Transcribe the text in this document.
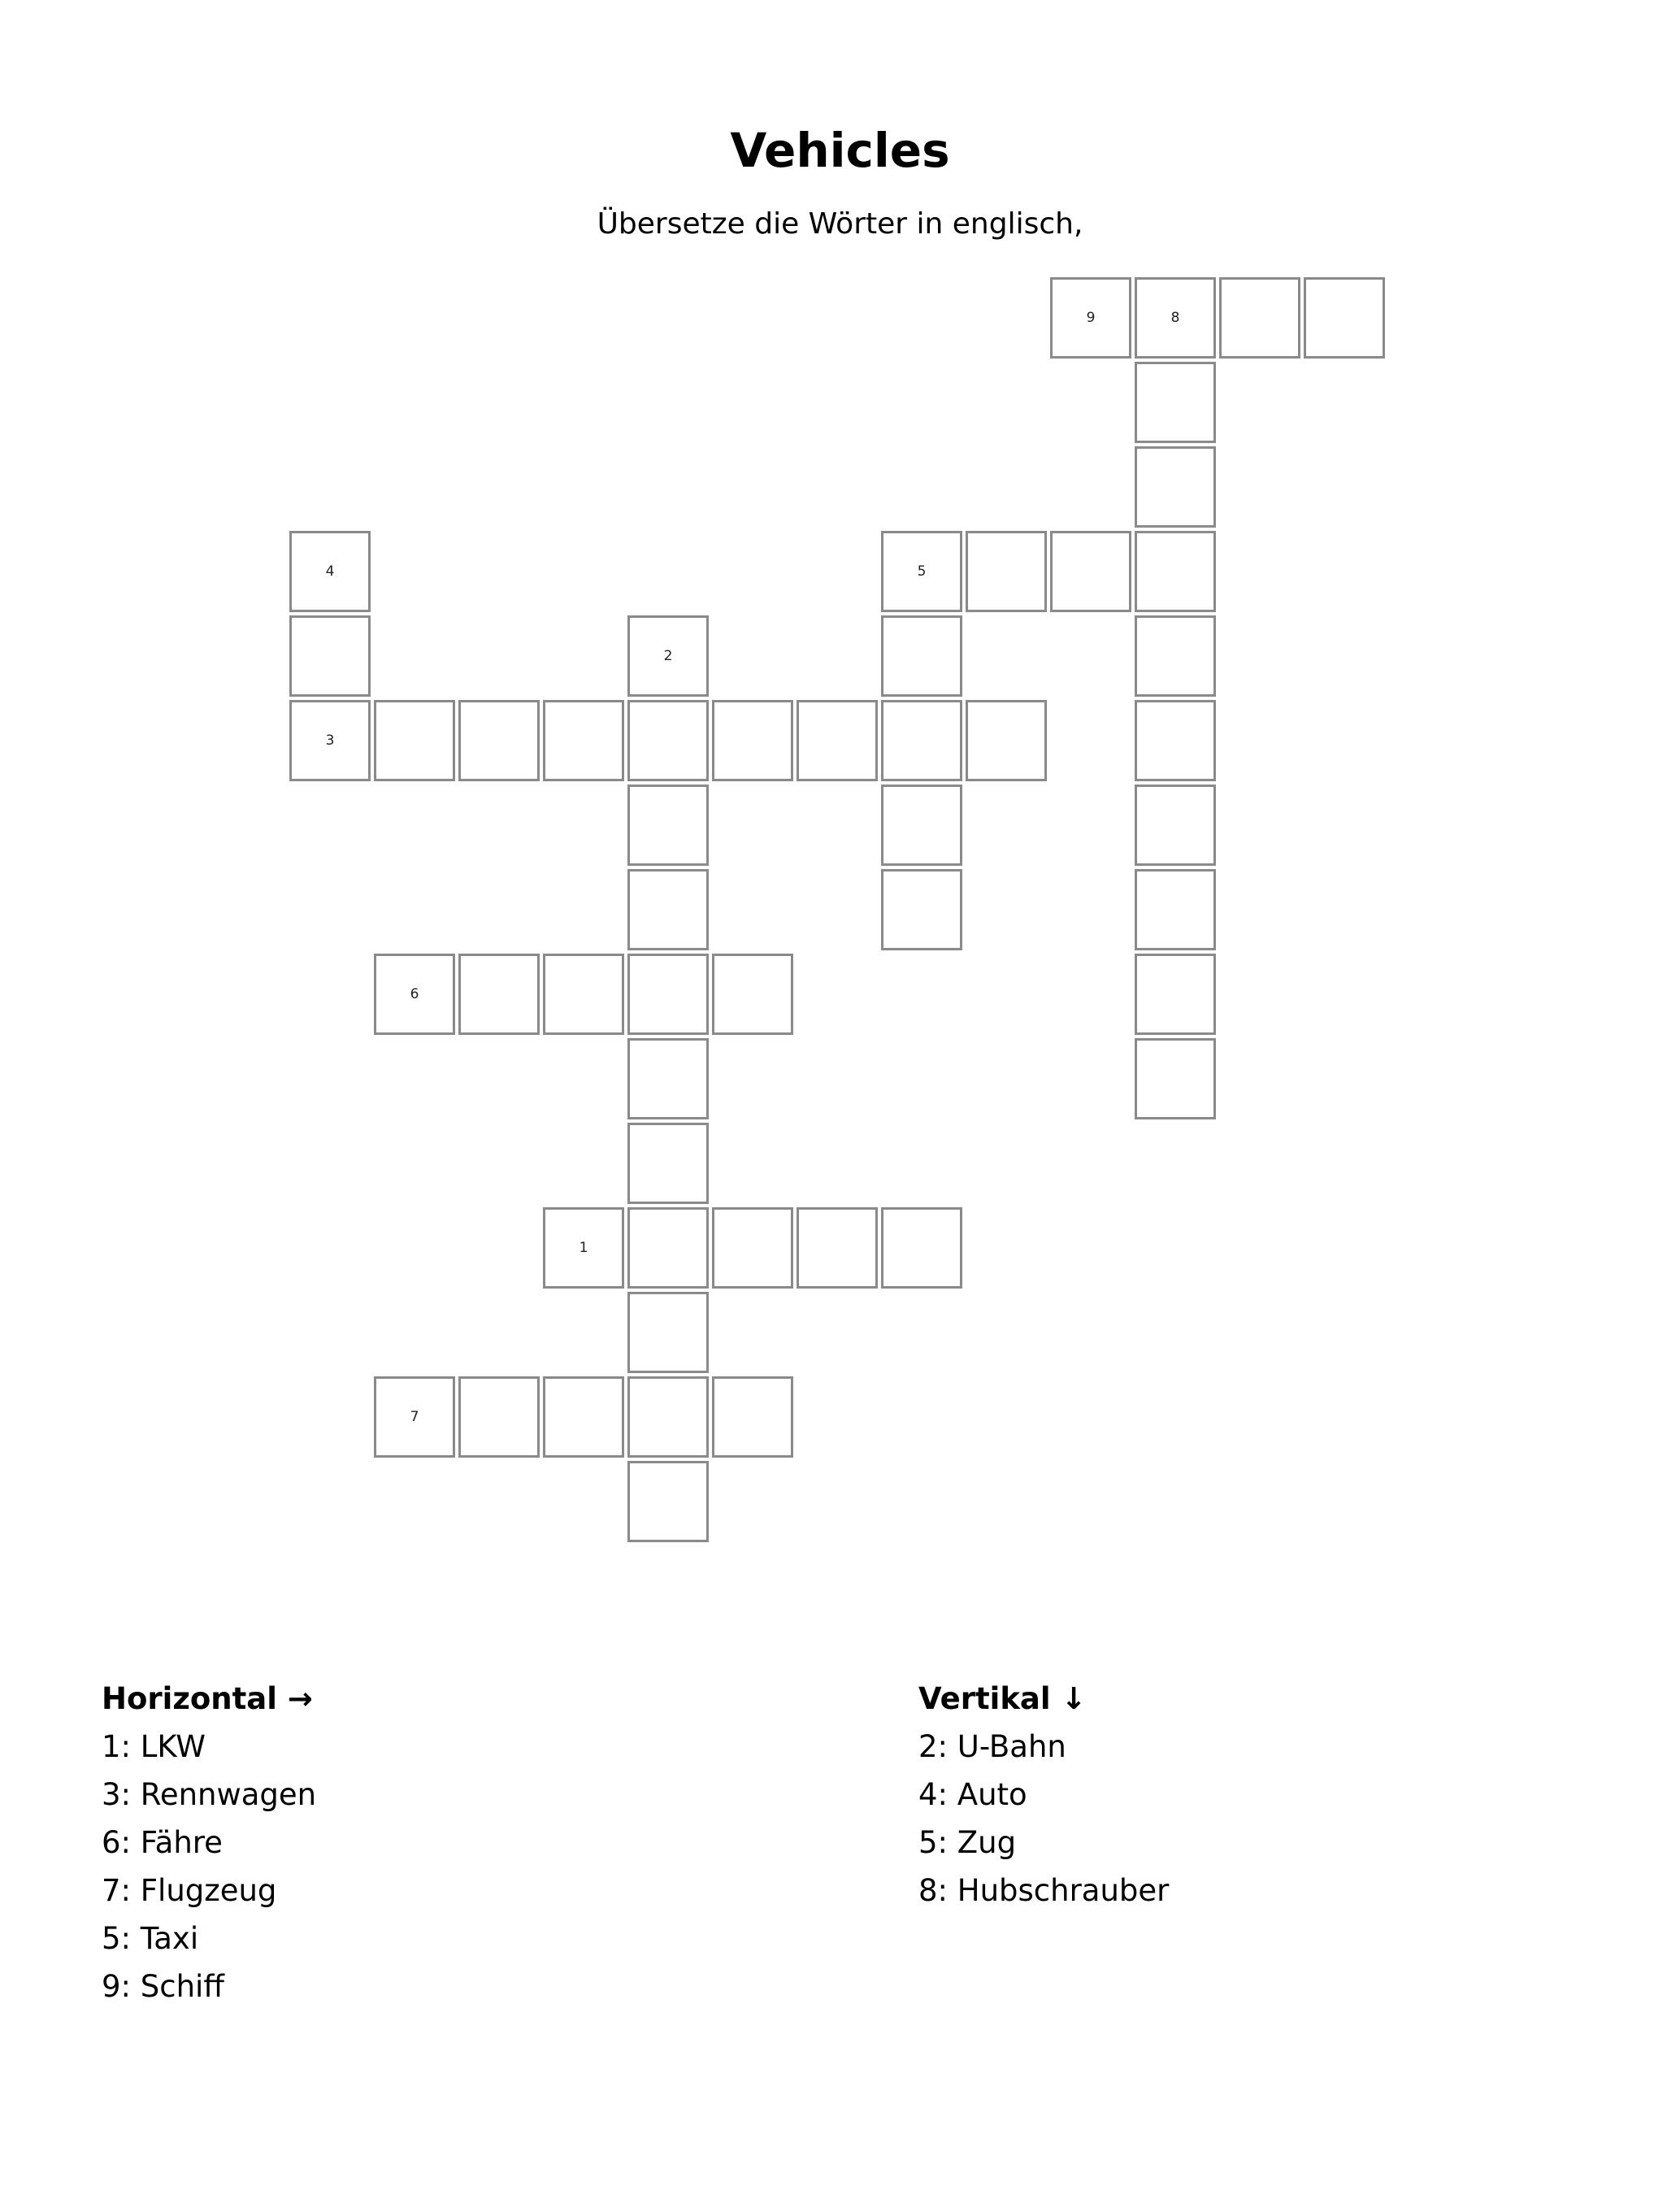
Vehicles
Übersetze die Wörter in englisch,
9	8
4	5
2
3
6
1
7
Horizontal →
1: LKW
3: Rennwagen
6: Fähre
7: Flugzeug
5: Taxi
9: Schiff
Vertikal ↓
2: U-Bahn
4: Auto
5: Zug
8: Hubschrauber
